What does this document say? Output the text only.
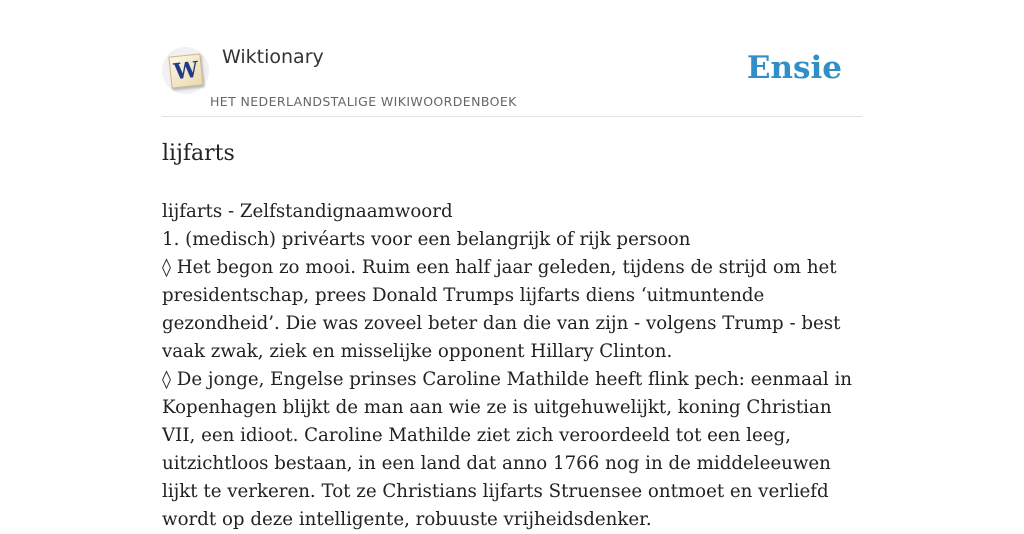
W Wiktionary
HET NEDERLANDSTALIGE WIKIWOORDENBOEK
Ensie
lijfarts

lijfarts - Zelfstandignaamwoord

1. (medisch) privéarts voor een belangrijk of rijk persoon

◊ Het begon zo mooi. Ruim een half jaar geleden, tijdens de strijd om het presidentschap, prees Donald Trumps lijfarts diens ‘uitmuntende gezondheid’. Die was zoveel beter dan die van zijn - volgens Trump - best vaak zwak, ziek en misselijke opponent Hillary Clinton.

◊ De jonge, Engelse prinses Caroline Mathilde heeft flink pech: eenmaal in Kopenhagen blijkt de man aan wie ze is uitgehuwelijkt, koning Christian VII, een idioot. Caroline Mathilde ziet zich veroordeeld tot een leeg, uitzichtloos bestaan, in een land dat anno 1766 nog in de middeleeuwen lijkt te verkeren. Tot ze Christians lijfarts Struensee ontmoet en verliefd wordt op deze intelligente, robuuste vrijheidsdenker.
